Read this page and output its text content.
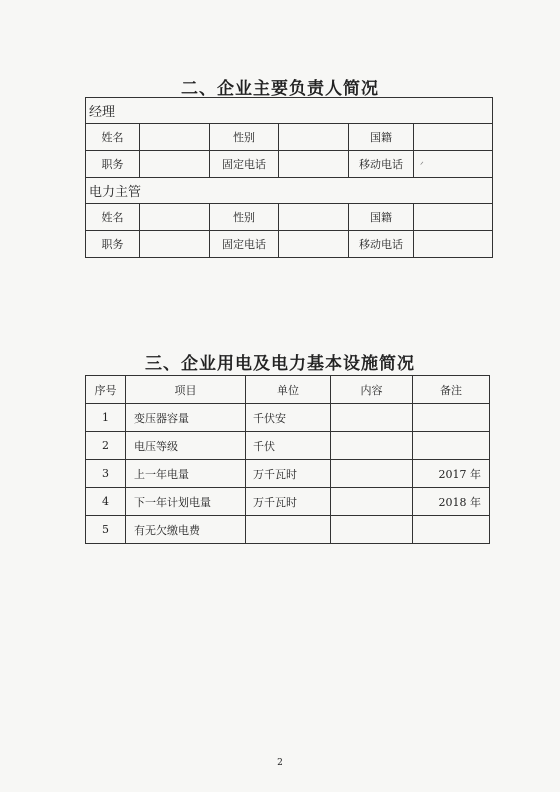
二、企业主要负责人简况
经理					
姓名		性别		国籍	
职务		固定电话		移动电话	
电力主管					
姓名		性别		国籍	
职务		固定电话		移动电话	
ᐟ
三、企业用电及电力基本设施简况
序号	项目	单位	内容	备注
1	变压器容量	千伏安		
2	电压等级	千伏		
3	上一年电量	万千瓦时		2017 年
4	下一年计划电量	万千瓦时		2018 年
5	有无欠缴电费			
2
